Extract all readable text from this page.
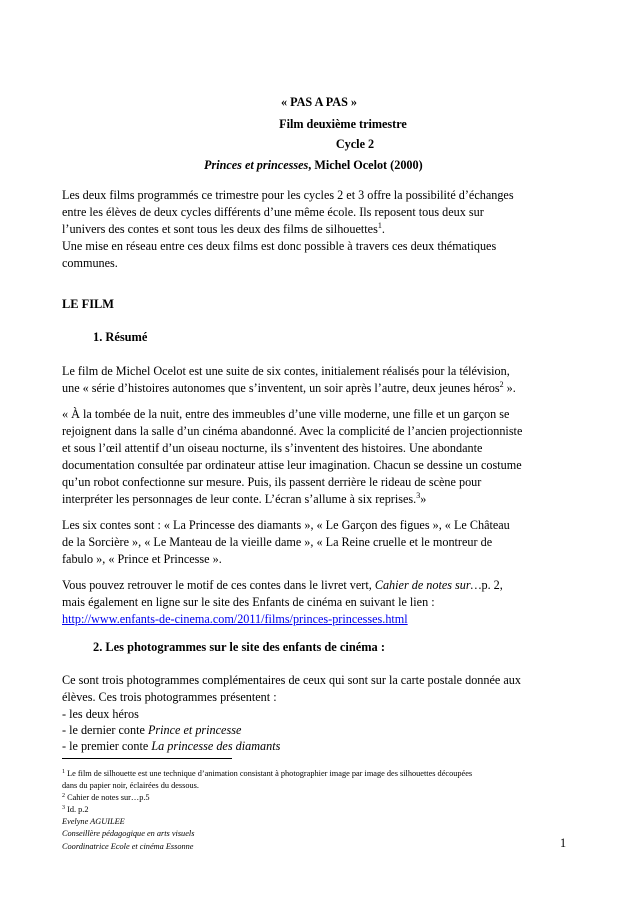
« PAS A PAS »
Film deuxième trimestre
Cycle 2
Princes et princesses, Michel Ocelot (2000)
Les deux films programmés ce trimestre pour les cycles 2 et 3 offre la possibilité d’échanges
entre les élèves de deux cycles différents d’une même école. Ils reposent tous deux sur
l’univers des contes et sont tous les deux des films de silhouettes$^1$.
Une mise en réseau entre ces deux films est donc possible à travers ces deux thématiques
communes.
LE FILM
1. Résumé
Le film de Michel Ocelot est une suite de six contes, initialement réalisés pour la télévision,
une « série d’histoires autonomes que s’inventent, un soir après l’autre, deux jeunes héros$^2$ ».
« À la tombée de la nuit, entre des immeubles d’une ville moderne, une fille et un garçon se
rejoignent dans la salle d’un cinéma abandonné. Avec la complicité de l’ancien projectionniste
et sous l’œil attentif d’un oiseau nocturne, ils s’inventent des histoires. Une abondante
documentation consultée par ordinateur attise leur imagination. Chacun se dessine un costume
qu’un robot confectionne sur mesure. Puis, ils passent derrière le rideau de scène pour
interpréter les personnages de leur conte. L’écran s’allume à six reprises.$^3$»
Les six contes sont : « La Princesse des diamants », « Le Garçon des figues », « Le Château
de la Sorcière », « Le Manteau de la vieille dame », « La Reine cruelle et le montreur de
fabulo », « Prince et Princesse ».
Vous pouvez retrouver le motif de ces contes dans le livret vert, Cahier de notes sur…p. 2,
mais également en ligne sur le site des Enfants de cinéma en suivant le lien :
http://www.enfants-de-cinema.com/2011/films/princes-princesses.html
2. Les photogrammes sur le site des enfants de cinéma :
Ce sont trois photogrammes complémentaires de ceux qui sont sur la carte postale donnée aux
élèves. Ces trois photogrammes présentent :
- les deux héros
- le dernier conte Prince et princesse
- le premier conte La princesse des diamants
$^1$ Le film de silhouette est une technique d’animation consistant à photographier image par image des silhouettes découpées
dans du papier noir, éclairées du dessous.
$^2$ Cahier de notes sur…p.5
$^3$ Id. p.2
Evelyne AGUILEE
Conseillère pédagogique en arts visuels
Coordinatrice Ecole et cinéma Essonne	1
